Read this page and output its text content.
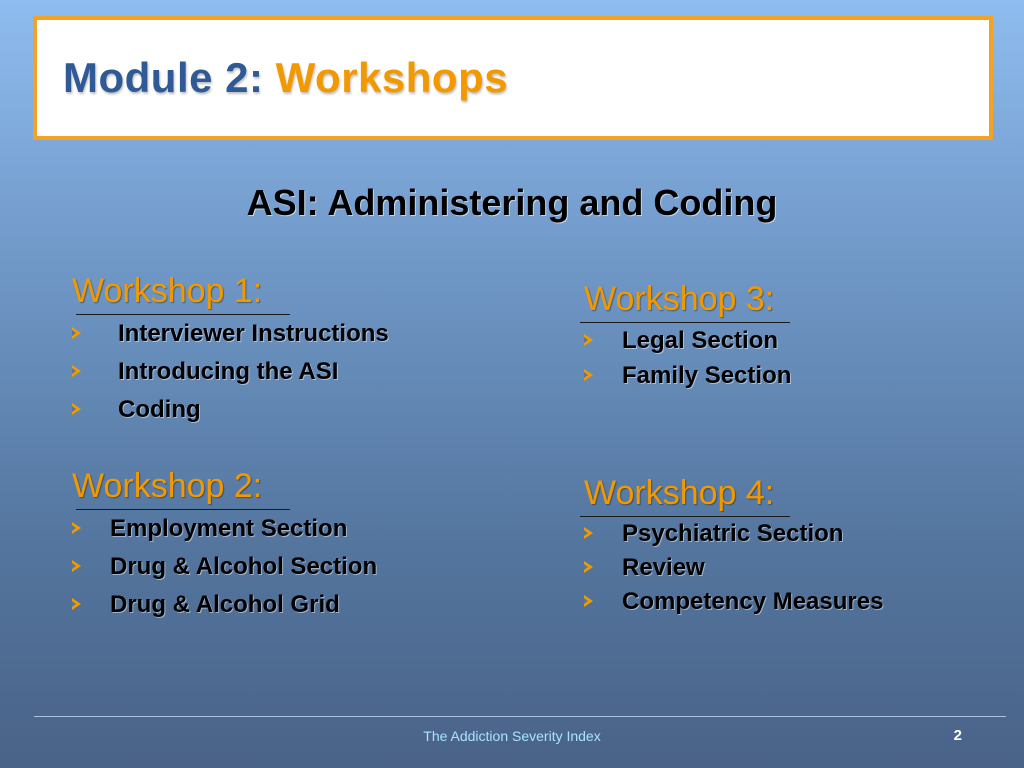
Module 2: Workshops
ASI: Administering and Coding
Workshop 1:
Interviewer Instructions
Introducing the ASI
Coding
Workshop 2:
Employment Section
Drug & Alcohol Section
Drug & Alcohol Grid
Workshop 3:
Legal Section
Family Section
Workshop 4:
Psychiatric Section
Review
Competency Measures
The Addiction Severity Index	2
